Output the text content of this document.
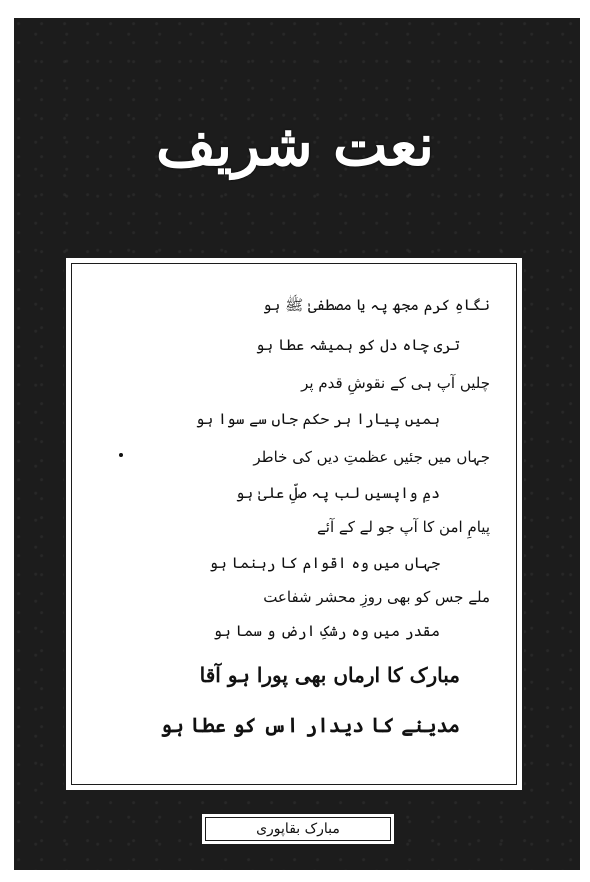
نعت شریف
نگاہِ کرم مجھ پہ یا مصطفیٰ ﷺ ہو
تری چاہ دل کو ہمیشہ عطا ہو
چلیں آپ ہی کے نقوشِ قدم پر
ہمیں پیارا ہر حکم جاں سے سوا ہو
جہاں میں جئیں عظمتِ دیں کی خاطر
دمِ واپسیں لب پہ صلِّ علیٰ ہو
پیامِ امن کا آپ جو لے کے آئے
جہاں میں وہ اقوام کا رہنما ہو
ملے جس کو بھی روزِ محشر شفاعت
مقدر میں وہ رشکِ ارض و سما ہو
مبارک کا ارماں بھی پورا ہو آقا
مدینے کا دیدار اس کو عطا ہو
مبارک بقاپوری
